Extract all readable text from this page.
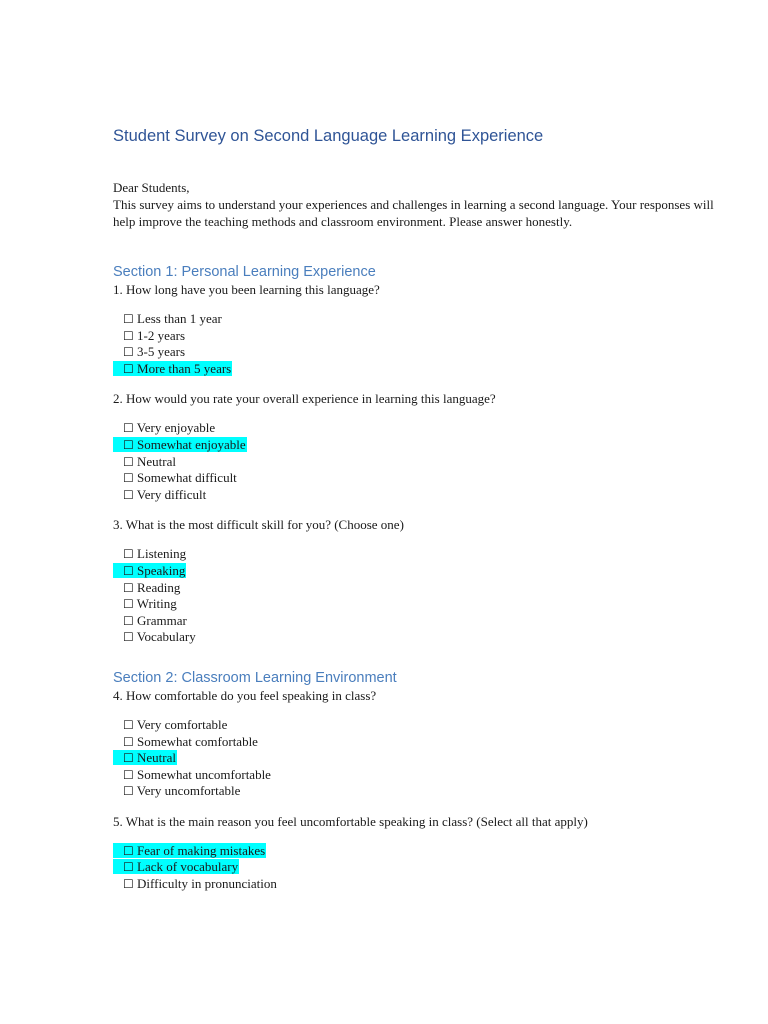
Student Survey on Second Language Learning Experience

Dear Students,

This survey aims to understand your experiences and challenges in learning a second language. Your responses will help improve the teaching methods and classroom environment. Please answer honestly.

Section 1: Personal Learning Experience

1. How long have you been learning this language?

☐ Less than 1 year
☐ 1-2 years
☐ 3-5 years
☐ More than 5 years

2. How would you rate your overall experience in learning this language?

☐ Very enjoyable
☐ Somewhat enjoyable
☐ Neutral
☐ Somewhat difficult
☐ Very difficult

3. What is the most difficult skill for you? (Choose one)

☐ Listening
☐ Speaking
☐ Reading
☐ Writing
☐ Grammar
☐ Vocabulary
Section 2: Classroom Learning Environment

4. How comfortable do you feel speaking in class?

☐ Very comfortable
☐ Somewhat comfortable
☐ Neutral
☐ Somewhat uncomfortable
☐ Very uncomfortable

5. What is the main reason you feel uncomfortable speaking in class? (Select all that apply)

☐ Fear of making mistakes
☐ Lack of vocabulary
☐ Difficulty in pronunciation
